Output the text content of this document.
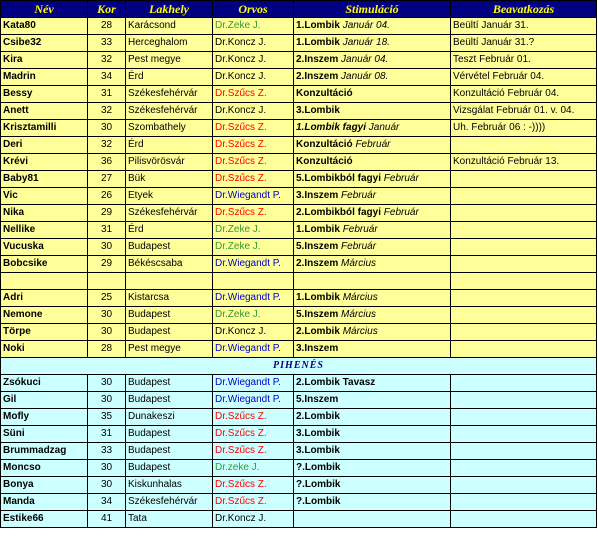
Név	Kor	Lakhely	Orvos	Stimuláció	Beavatkozás
Kata80	28	Karácsond	Dr.Zeke J.	1.Lombik Január 04.	Beültí Január 31.
Csibe32	33	Herceghalom	Dr.Koncz J.	1.Lombik Január 18.	Beültí Január 31.?
Kira	32	Pest megye	Dr.Koncz J.	2.Inszem Január 04.	Teszt Február 01.
Madrin	34	Érd	Dr.Koncz J.	2.Inszem Január 08.	Vérvétel Február 04.
Bessy	31	Székesfehérvár	Dr.Szűcs Z.	Konzultáció	Konzultáció Február 04.
Anett	32	Székesfehérvár	Dr.Koncz J.	3.Lombik	Vizsgálat Február 01. v. 04.
Krisztamilli	30	Szombathely	Dr.Szűcs Z.	1.Lombik fagyi Január	Uh. Február 06 : -))))
Deri	32	Érd	Dr.Szűcs Z.	Konzultáció Február	
Krévi	36	Pilisvörösvár	Dr.Szűcs Z.	Konzultáció	Konzultáció Február 13.
Baby81	27	Bük	Dr.Szűcs Z.	5.Lombikból fagyi Február	
Vic	26	Etyek	Dr.Wiegandt P.	3.Inszem Február	
Nika	29	Székesfehérvár	Dr.Szűcs Z.	2.Lombikból fagyi Február	
Nellike	31	Érd	Dr.Zeke J.	1.Lombik Február	
Vucuska	30	Budapest	Dr.Zeke J.	5.Inszem Február	
Bobcsike	29	Békéscsaba	Dr.Wiegandt P.	2.Inszem Március	

Adri	25	Kistarcsa	Dr.Wiegandt P.	1.Lombik Március	
Nemone	30	Budapest	Dr.Zeke J.	5.Inszem Március	
Törpe	30	Budapest	Dr.Koncz J.	2.Lombik Március	
Noki	28	Pest megye	Dr.Wiegandt P.	3.Inszem	
PIHENÉS					
Zsókuci	30	Budapest	Dr.Wiegandt P.	2.Lombik Tavasz	
Gil	30	Budapest	Dr.Wiegandt P.	5.Inszem	
Mofly	35	Dunakeszi	Dr.Szűcs Z.	2.Lombik	
Süni	31	Budapest	Dr.Szűcs Z.	3.Lombik	
Brummadzag	33	Budapest	Dr.Szűcs Z.	3.Lombik	
Moncso	30	Budapest	Dr.zeke J.	?.Lombik	
Bonya	30	Kiskunhalas	Dr.Szűcs Z.	?.Lombik	
Manda	34	Székesfehérvár	Dr.Szűcs Z.	?.Lombik	
Estike66	41	Tata	Dr.Koncz J.		
